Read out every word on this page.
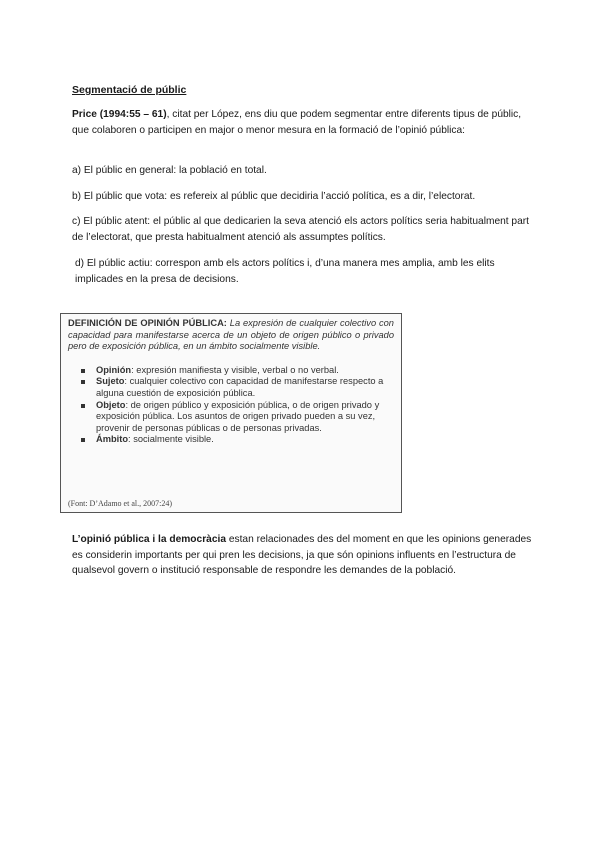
Segmentació de públic
Price (1994:55 – 61), citat per López, ens diu que podem segmentar entre diferents tipus de públic, que colaboren o participen en major o menor mesura en la formació de l’opinió pública:
a) El públic en general: la població en total.
b) El públic que vota: es refereix al públic que decidiria l’acció política, es a dir, l’electorat.
c) El públic atent: el públic al que dedicarien la seva atenció els actors polítics seria habitualment part de l’electorat, que presta habitualment atenció als assumptes polítics.
d) El públic actiu: correspon amb els actors polítics i, d’una manera mes amplia, amb les elits implicades en la presa de decisions.
DEFINICIÓN DE OPINIÓN PÚBLICA: La expresión de cualquier colectivo con capacidad para manifestarse acerca de un objeto de origen público o privado pero de exposición pública, en un ámbito socialmente visible.
Opinión: expresión manifiesta y visible, verbal o no verbal.
Sujeto: cualquier colectivo con capacidad de manifestarse respecto a alguna cuestión de exposición pública.
Objeto: de origen público y exposición pública, o de origen privado y exposición pública. Los asuntos de origen privado pueden a su vez, provenir de personas públicas o de personas privadas.
Ámbito: socialmente visible.
(Font: D’Adamo et al., 2007:24)
L’opinió pública i la democràcia estan relacionades des del moment en que les opinions generades es considerin importants per qui pren les decisions, ja que són opinions influents en l’estructura de qualsevol govern o institució responsable de respondre les demandes de la població.
